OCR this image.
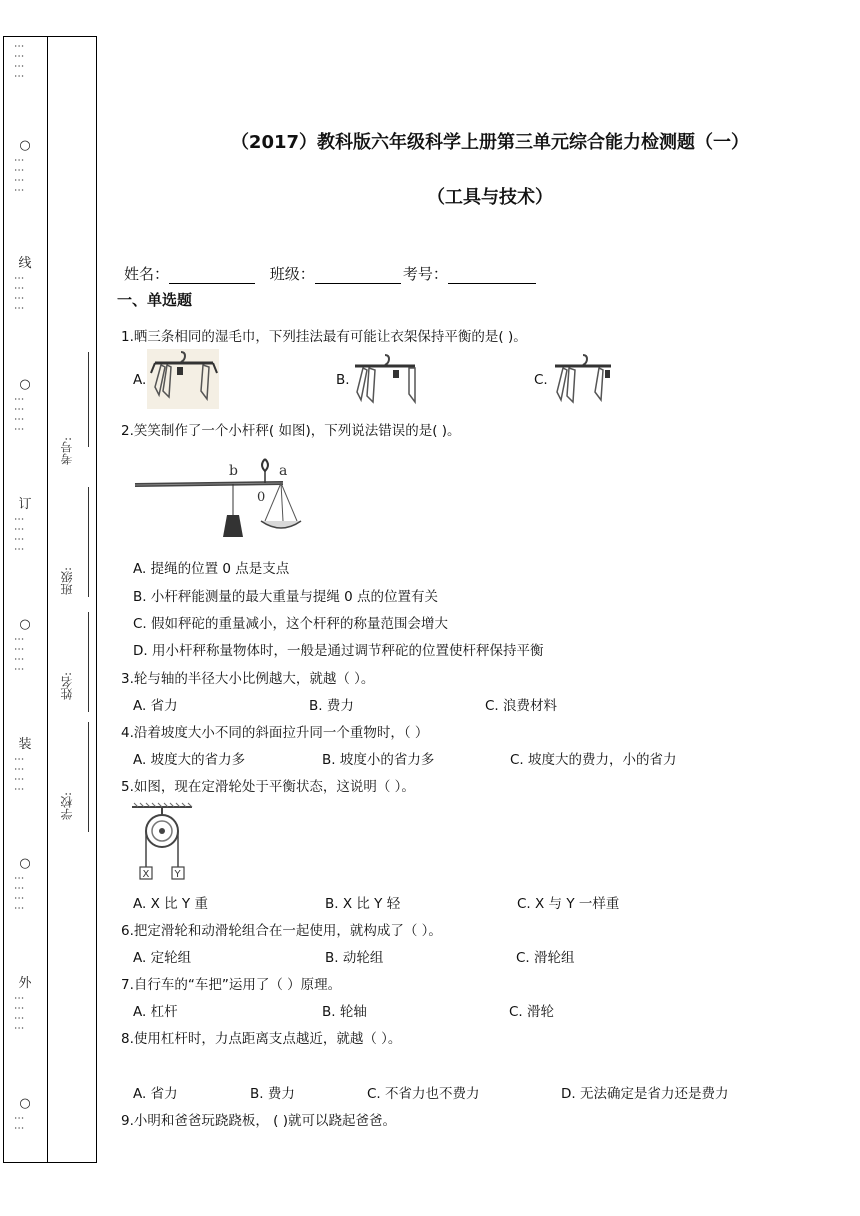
⋮⋮⋮⋮
○
⋮⋮⋮⋮
线
⋮⋮⋮⋮
○
⋮⋮⋮⋮
订
⋮⋮⋮⋮
○
⋮⋮⋮⋮
装
⋮⋮⋮⋮
○
⋮⋮⋮⋮
外
⋮⋮⋮⋮
○
⋮⋮
考号:
班级:
姓名:
学校:
（2017）教科版六年级科学上册第三单元综合能力检测题（一）
（工具与技术）
姓名：	班级：	考号：
一、单选题
1.晒三条相同的湿毛巾，下列挂法最有可能让衣架保持平衡的是( )。
A.	B.	C.
2.笑笑制作了一个小杆秤( 如图)，下列说法错误的是( )。
b	a
0
A. 提绳的位置 0 点是支点
B. 小杆秤能测量的最大重量与提绳 0 点的位置有关
C. 假如秤砣的重量减小，这个杆秤的称量范围会增大
D. 用小杆秤称量物体时，一般是通过调节秤砣的位置使杆秤保持平衡
3.轮与轴的半径大小比例越大，就越（ ）。
A. 省力	B. 费力	C. 浪费材料
4.沿着坡度大小不同的斜面拉升同一个重物时，（ ）
A. 坡度大的省力多	B. 坡度小的省力多	C. 坡度大的费力，小的省力
5.如图，现在定滑轮处于平衡状态，这说明（ ）。
X	Y
A. X 比 Y 重	B. X 比 Y 轻	C. X 与 Y 一样重
6.把定滑轮和动滑轮组合在一起使用，就构成了（ ）。
A. 定轮组	B. 动轮组	C. 滑轮组
7.自行车的“车把”运用了（ ）原理。
A. 杠杆	B. 轮轴	C. 滑轮
8.使用杠杆时，力点距离支点越近，就越（ ）。
A. 省力	B. 费力	C. 不省力也不费力	D. 无法确定是省力还是费力
9.小明和爸爸玩跷跷板， ( )就可以跷起爸爸。
